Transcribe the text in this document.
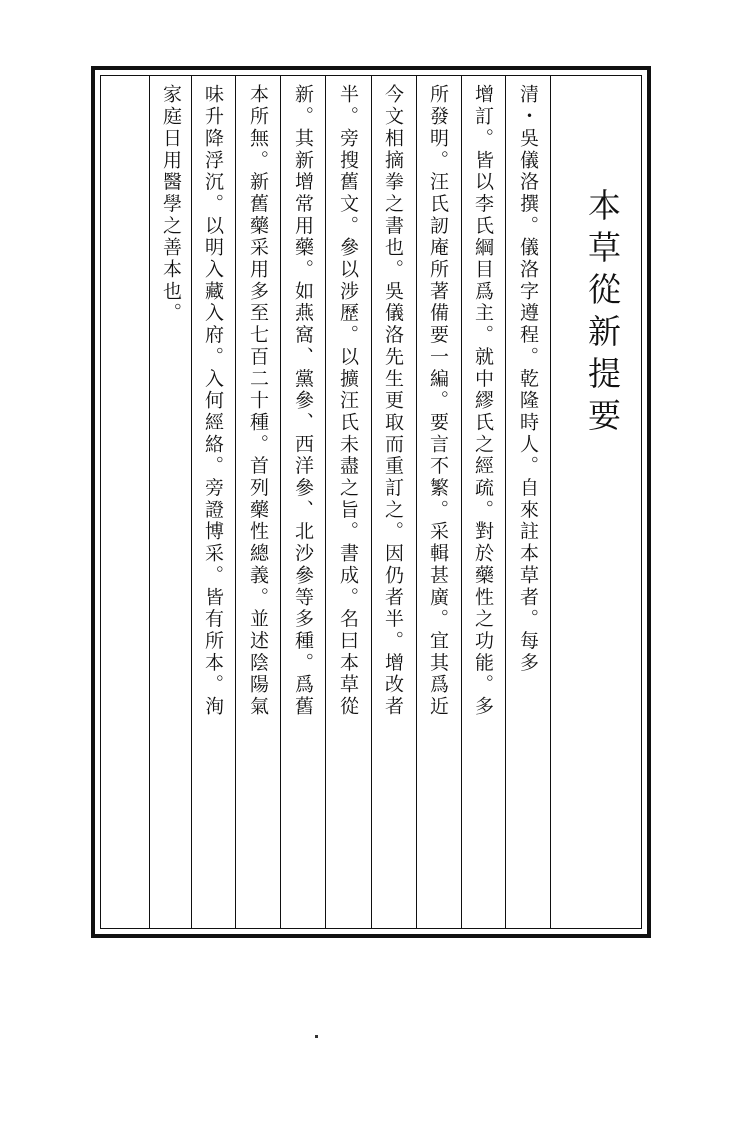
本草從新提要
清・吳儀洛撰。儀洛字遵程。乾隆時人。自來註本草者。每多
增訂。皆以李氏綱目爲主。就中繆氏之經疏。對於藥性之功能。多
所發明。汪氏訒庵所著備要一編。要言不繁。采輯甚廣。宜其爲近
今文相摘拳之書也。吳儀洛先生更取而重訂之。因仍者半。增改者
半。旁搜舊文。參以涉歷。以擴汪氏未盡之旨。書成。名曰本草從
新。其新增常用藥。如燕窩、黨參、西洋參、北沙參等多種。爲舊
本所無。新舊藥采用多至七百二十種。首列藥性總義。並述陰陽氣
味升降浮沉。以明入藏入府。入何經絡。旁證博采。皆有所本。洵
家庭日用醫學之善本也。
